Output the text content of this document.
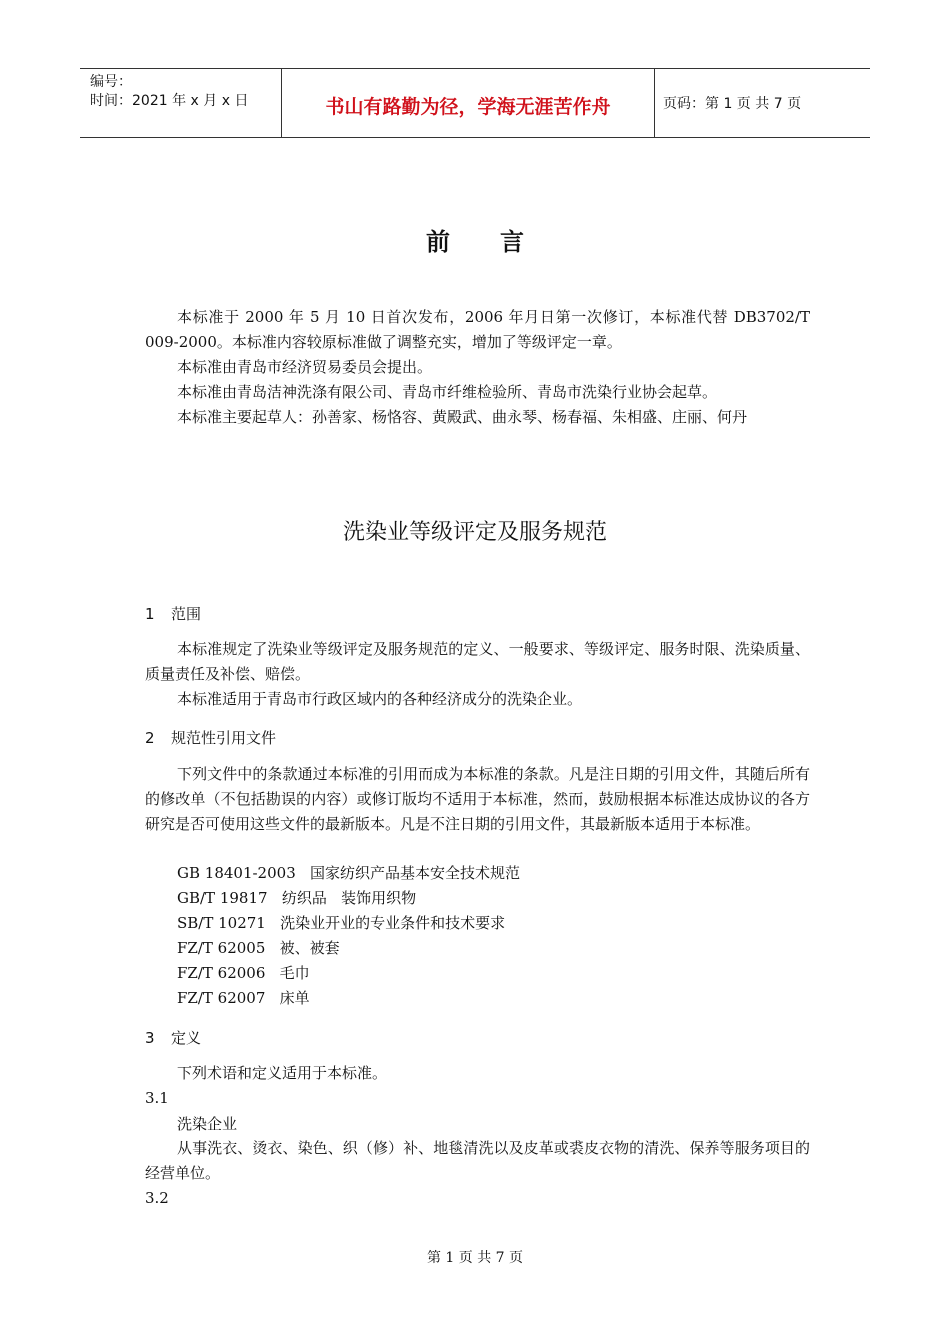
编号：
时间：2021 年 x 月 x 日	书山有路勤为径，学海无涯苦作舟	页码：第 1 页 共 7 页
前言

本标准于 2000 年 5 月 10 日首次发布，2006 年月日第一次修订，本标准代替 DB3702/T 009-2000。本标准内容较原标准做了调整充实，增加了等级评定一章。

本标准由青岛市经济贸易委员会提出。

本标准由青岛洁神洗涤有限公司、青岛市纤维检验所、青岛市洗染行业协会起草。

本标准主要起草人：孙善家、杨恪容、黄殿武、曲永琴、杨春福、朱相盛、庄丽、何丹

洗染业等级评定及服务规范
1 范围

本标准规定了洗染业等级评定及服务规范的定义、一般要求、等级评定、服务时限、洗染质量、质量责任及补偿、赔偿。

本标准适用于青岛市行政区域内的各种经济成分的洗染企业。

2 规范性引用文件

下列文件中的条款通过本标准的引用而成为本标准的条款。凡是注日期的引用文件，其随后所有的修改单（不包括勘误的内容）或修订版均不适用于本标准，然而，鼓励根据本标准达成协议的各方研究是否可使用这些文件的最新版本。凡是不注日期的引用文件，其最新版本适用于本标准。

GB 18401-2003   国家纺织产品基本安全技术规范
GB/T 19817   纺织品   装饰用织物
SB/T 10271   洗染业开业的专业条件和技术要求
FZ/T 62005   被、被套
FZ/T 62006   毛巾
FZ/T 62007   床单
3 定义

下列术语和定义适用于本标准。

3.1
洗染企业

从事洗衣、烫衣、染色、织（修）补、地毯清洗以及皮革或裘皮衣物的清洗、保养等服务项目的经营单位。

3.2
第 1 页 共 7 页
